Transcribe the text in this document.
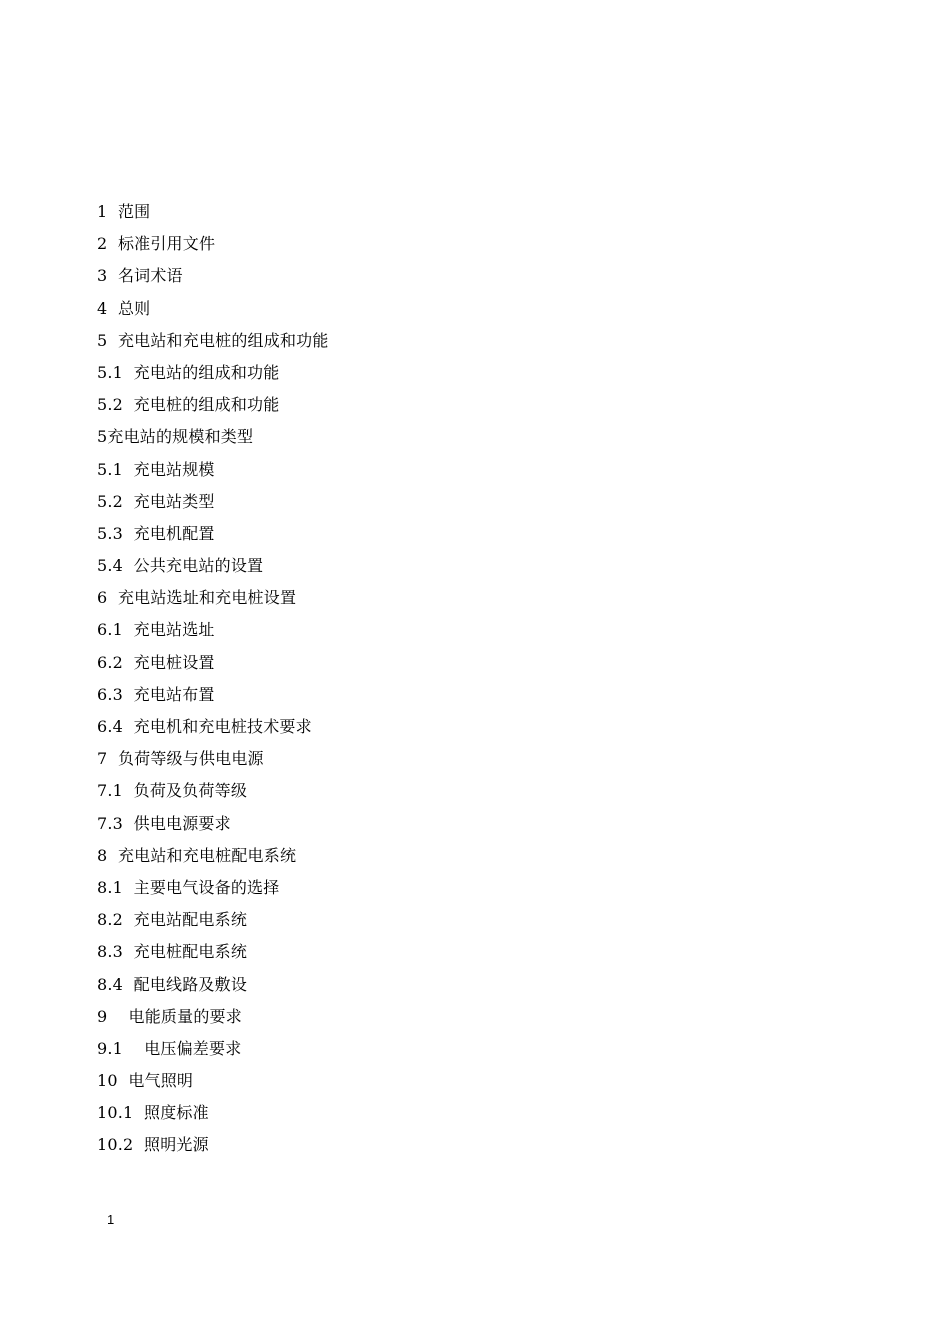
1  范围
2  标准引用文件
3  名词术语
4  总则
5  充电站和充电桩的组成和功能
5.1  充电站的组成和功能
5.2  充电桩的组成和功能
5充电站的规模和类型
5.1  充电站规模
5.2  充电站类型
5.3  充电机配置
5.4  公共充电站的设置
6  充电站选址和充电桩设置
6.1  充电站选址
6.2  充电桩设置
6.3  充电站布置
6.4  充电机和充电桩技术要求
7  负荷等级与供电电源
7.1  负荷及负荷等级
7.3  供电电源要求
8  充电站和充电桩配电系统
8.1  主要电气设备的选择
8.2  充电站配电系统
8.3  充电桩配电系统
8.4  配电线路及敷设
9    电能质量的要求
9.1    电压偏差要求
10  电气照明
10.1  照度标准
10.2  照明光源
1
